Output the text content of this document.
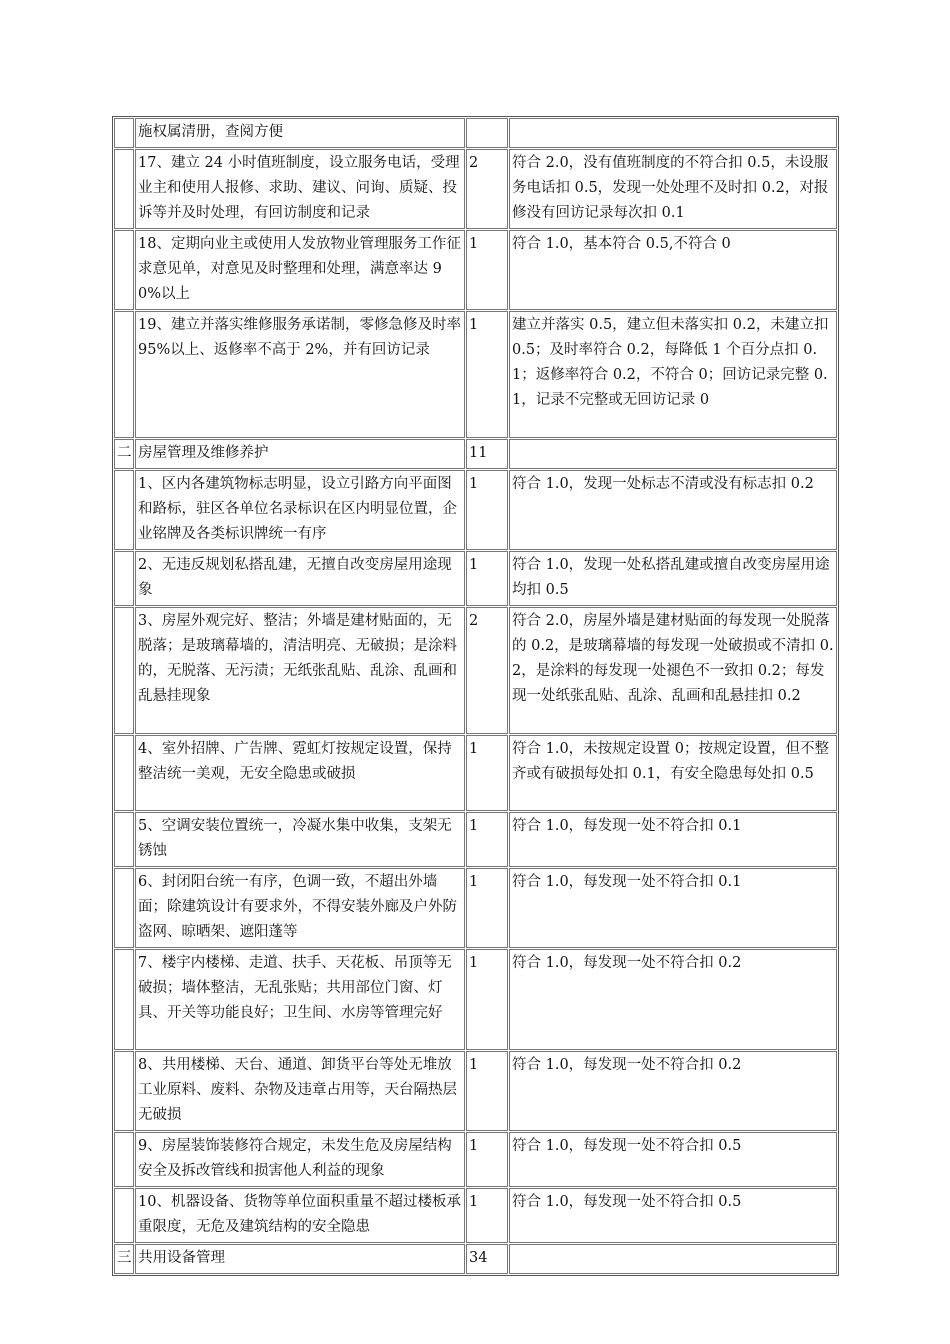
	施权属清册，查阅方便		
	17、建立 24 小时值班制度，设立服务电话，受理业主和使用人报修、求助、建议、问询、质疑、投诉等并及时处理，有回访制度和记录	2	符合 2.0，没有值班制度的不符合扣 0.5，未设服务电话扣 0.5，发现一处处理不及时扣 0.2，对报修没有回访记录每次扣 0.1
	18、定期向业主或使用人发放物业管理服务工作征求意见单，对意见及时整理和处理，满意率达 90%以上	1	符合 1.0，基本符合 0.5,不符合 0
	19、建立并落实维修服务承诺制，零修急修及时率 95%以上、返修率不高于 2%，并有回访记录	1	建立并落实 0.5，建立但未落实扣 0.2，未建立扣 0.5；及时率符合 0.2，每降低 1 个百分点扣 0.1；返修率符合 0.2，不符合 0；回访记录完整 0.1，记录不完整或无回访记录 0
二	房屋管理及维修养护	11	
	1、区内各建筑物标志明显，设立引路方向平面图和路标，驻区各单位名录标识在区内明显位置，企业铭牌及各类标识牌统一有序	1	符合 1.0，发现一处标志不清或没有标志扣 0.2
	2、无违反规划私搭乱建，无擅自改变房屋用途现象	1	符合 1.0，发现一处私搭乱建或擅自改变房屋用途均扣 0.5
	3、房屋外观完好、整洁；外墙是建材贴面的，无脱落；是玻璃幕墙的，清洁明亮、无破损；是涂料的，无脱落、无污渍；无纸张乱贴、乱涂、乱画和乱悬挂现象	2	符合 2.0，房屋外墙是建材贴面的每发现一处脱落的 0.2，是玻璃幕墙的每发现一处破损或不清扣 0.2，是涂料的每发现一处褪色不一致扣 0.2；每发现一处纸张乱贴、乱涂、乱画和乱悬挂扣 0.2
	4、室外招牌、广告牌、霓虹灯按规定设置，保持整洁统一美观，无安全隐患或破损	1	符合 1.0，未按规定设置 0；按规定设置，但不整齐或有破损每处扣 0.1，有安全隐患每处扣 0.5
	5、空调安装位置统一，冷凝水集中收集，支架无锈蚀	1	符合 1.0，每发现一处不符合扣 0.1
	6、封闭阳台统一有序，色调一致，不超出外墙面；除建筑设计有要求外，不得安装外廊及户外防盗网、晾晒架、遮阳蓬等	1	符合 1.0，每发现一处不符合扣 0.1
	7、楼宇内楼梯、走道、扶手、天花板、吊顶等无破损；墙体整洁，无乱张贴；共用部位门窗、灯具、开关等功能良好；卫生间、水房等管理完好	1	符合 1.0，每发现一处不符合扣 0.2
	8、共用楼梯、天台、通道、卸货平台等处无堆放工业原料、废料、杂物及违章占用等，天台隔热层无破损	1	符合 1.0，每发现一处不符合扣 0.2
	9、房屋装饰装修符合规定，未发生危及房屋结构安全及拆改管线和损害他人利益的现象	1	符合 1.0，每发现一处不符合扣 0.5
	10、机器设备、货物等单位面积重量不超过楼板承重限度，无危及建筑结构的安全隐患	1	符合 1.0，每发现一处不符合扣 0.5
三	共用设备管理	34	
